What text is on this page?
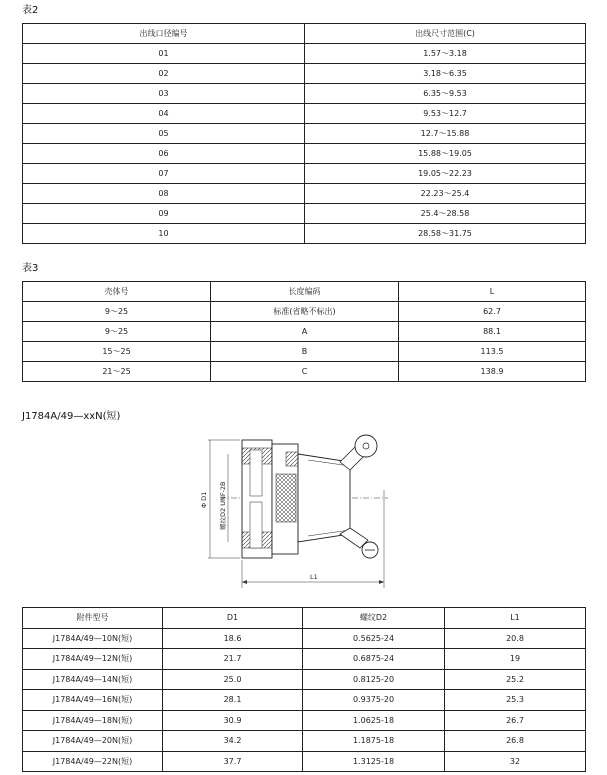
表2
出线口径编号	出线尺寸范围(C)
01	1.57～3.18
02	3.18～6.35
03	6.35～9.53
04	9.53～12.7
05	12.7～15.88
06	15.88～19.05
07	19.05～22.23
08	22.23～25.4
09	25.4～28.58
10	28.58～31.75
表3
壳体号	长度编码	L
9～25	标准(省略不标出)	62.7
9～25	A	88.1
15～25	B	113.5
21～25	C	138.9
J1784A/49—xxN(短)
Φ D1 螺纹D2 UNF-2B
L1
附件型号	D1	螺纹D2	L1
J1784A/49—10N(短)	18.6	0.5625-24	20.8
J1784A/49—12N(短)	21.7	0.6875-24	19
J1784A/49—14N(短)	25.0	0.8125-20	25.2
J1784A/49—16N(短)	28.1	0.9375-20	25.3
J1784A/49—18N(短)	30.9	1.0625-18	26.7
J1784A/49—20N(短)	34.2	1.1875-18	26.8
J1784A/49—22N(短)	37.7	1.3125-18	32
